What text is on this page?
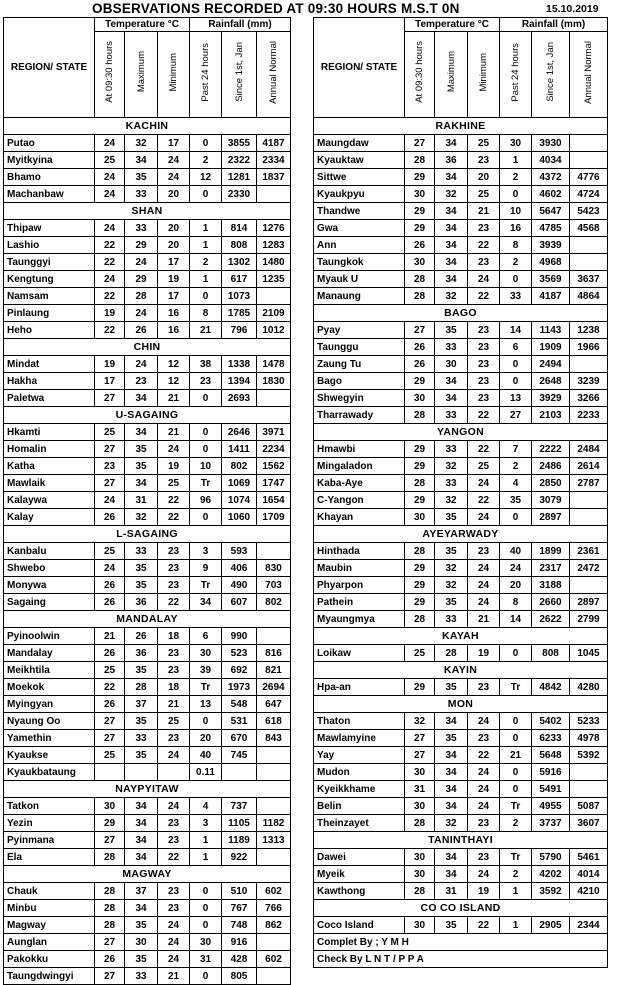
OBSERVATIONS RECORDED AT 09:30 HOURS M.S.T 0N	15.10.2019
REGION/ STATE	Temperature °C			Rainfall (mm)		
	At 09:30 hours	Maximum	Minimum	Past 24 hours	Since 1st, Jan	Annual Normal
KACHIN						
Putao	24	32	17	0	3855	4187
Myitkyina	25	34	24	2	2322	2334
Bhamo	24	35	24	12	1281	1837
Machanbaw	24	33	20	0	2330	
SHAN						
Thipaw	24	33	20	1	814	1276
Lashio	22	29	20	1	808	1283
Taunggyi	22	24	17	2	1302	1480
Kengtung	24	29	19	1	617	1235
Namsam	22	28	17	0	1073	
Pinlaung	19	24	16	8	1785	2109
Heho	22	26	16	21	796	1012
CHIN						
Mindat	19	24	12	38	1338	1478
Hakha	17	23	12	23	1394	1830
Paletwa	27	34	21	0	2693	
U-SAGAING						
Hkamti	25	34	21	0	2646	3971
Homalin	27	35	24	0	1411	2234
Katha	23	35	19	10	802	1562
Mawlaik	27	34	25	Tr	1069	1747
Kalaywa	24	31	22	96	1074	1654
Kalay	26	32	22	0	1060	1709
L-SAGAING						
Kanbalu	25	33	23	3	593	
Shwebo	24	35	23	9	406	830
Monywa	26	35	23	Tr	490	703
Sagaing	26	36	22	34	607	802
MANDALAY						
Pyinoolwin	21	26	18	6	990	
Mandalay	26	36	23	30	523	816
Meikhtila	25	35	23	39	692	821
Moekok	22	28	18	Tr	1973	2694
Myingyan	26	37	21	13	548	647
Nyaung Oo	27	35	25	0	531	618
Yamethin	27	33	23	20	670	843
Kyaukse	25	35	24	40	745	
Kyaukbataung				0.11		
NAYPYITAW						
Tatkon	30	34	24	4	737	
Yezin	29	34	23	3	1105	1182
Pyinmana	27	34	23	1	1189	1313
Ela	28	34	22	1	922	
MAGWAY						
Chauk	28	37	23	0	510	602
Minbu	28	34	23	0	767	766
Magway	28	35	24	0	748	862
Aunglan	27	30	24	30	916	
Pakokku	26	35	24	31	428	602
Taungdwingyi	27	33	21	0	805	
REGION/ STATE	Temperature °C			Rainfall (mm)		
	At 09:30 hours	Maximum	Minimum	Past 24 hours	Since 1st, Jan	Annual Normal
RAKHINE						
Maungdaw	27	34	25	30	3930	
Kyauktaw	28	36	23	1	4034	
Sittwe	29	34	20	2	4372	4776
Kyaukpyu	30	32	25	0	4602	4724
Thandwe	29	34	21	10	5647	5423
Gwa	29	34	23	16	4785	4568
Ann	26	34	22	8	3939	
Taungkok	30	34	23	2	4968	
Myauk U	28	34	24	0	3569	3637
Manaung	28	32	22	33	4187	4864
BAGO						
Pyay	27	35	23	14	1143	1238
Taunggu	26	33	23	6	1909	1966
Zaung Tu	26	30	23	0	2494	
Bago	29	34	23	0	2648	3239
Shwegyin	30	34	23	13	3929	3266
Tharrawady	28	33	22	27	2103	2233
YANGON						
Hmawbi	29	33	22	7	2222	2484
Mingaladon	29	32	25	2	2486	2614
Kaba-Aye	28	33	24	4	2850	2787
C-Yangon	29	32	22	35	3079	
Khayan	30	35	24	0	2897	
AYEYARWADY						
Hinthada	28	35	23	40	1899	2361
Maubin	29	32	24	24	2317	2472
Phyarpon	29	32	24	20	3188	
Pathein	29	35	24	8	2660	2897
Myaungmya	28	33	21	14	2622	2799
KAYAH						
Loikaw	25	28	19	0	808	1045
KAYIN						
Hpa-an	29	35	23	Tr	4842	4280
MON						
Thaton	32	34	24	0	5402	5233
Mawlamyine	27	35	23	0	6233	4978
Yay	27	34	22	21	5648	5392
Mudon	30	34	24	0	5916	
Kyeikkhame	31	34	24	0	5491	
Belin	30	34	24	Tr	4955	5087
Theinzayet	28	32	23	2	3737	3607
TANINTHAYI						
Dawei	30	34	23	Tr	5790	5461
Myeik	30	34	24	2	4202	4014
Kawthong	28	31	19	1	3592	4210
CO CO ISLAND						
Coco Island	30	35	22	1	2905	2344
Complet By ; Y M H						
Check By L N T / P P A						
